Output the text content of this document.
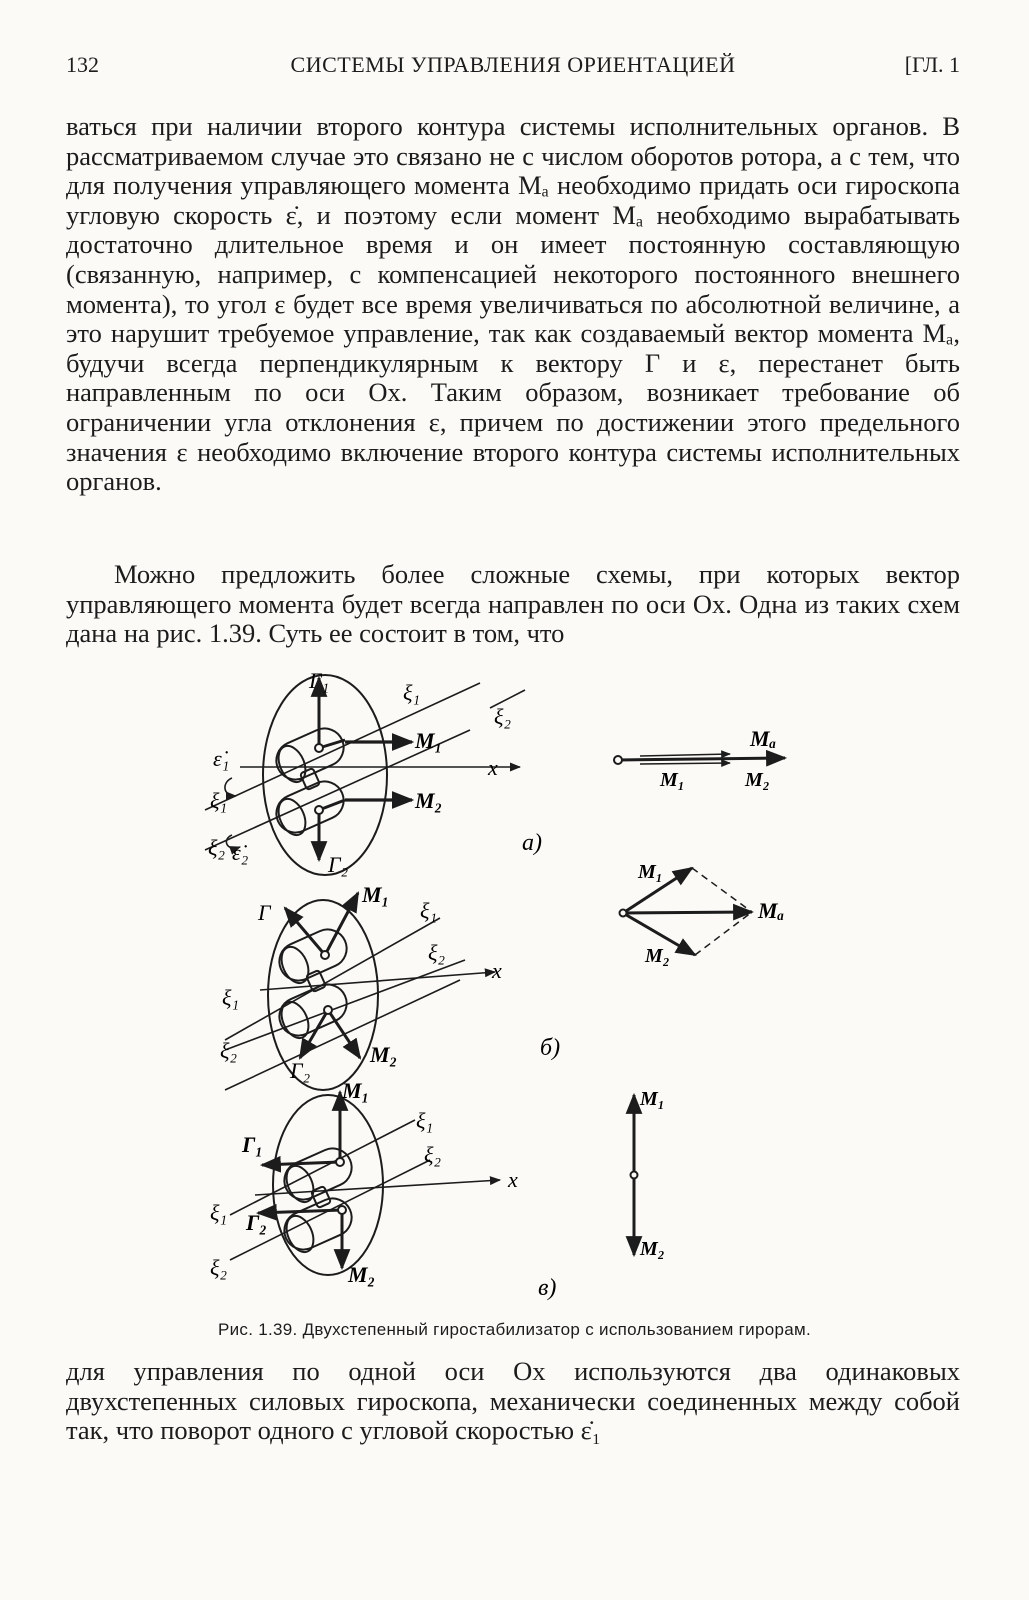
132	СИСТЕМЫ УПРАВЛЕНИЯ ОРИЕНТАЦИЕЙ	[ГЛ. 1

ваться при наличии второго контура системы исполнительных органов. В рассматриваемом случае это связано не с числом оборотов ротора, а с тем, что для получения управляющего момента Mₐ необходимо придать оси гироскопа угловую скорость ε̇, и поэтому если момент Mₐ необходимо вырабатывать достаточно длительное время и он имеет постоянную составляющую (связанную, например, с компенсацией некоторого постоянного внешнего момента), то угол ε будет все время увеличиваться по абсолютной величине, а это нарушит требуемое управление, так как создаваемый вектор момента Mₐ, будучи всегда перпендикулярным к вектору Γ и ε, перестанет быть направленным по оси Ox. Таким образом, возникает требование об ограничении угла отклонения ε, причем по достижении этого предельного значения ε необходимо включение второго контура системы исполнительных органов.

Можно предложить более сложные схемы, при которых вектор управляющего момента будет всегда направлен по оси Ox. Одна из таких схем дана на рис. 1.39. Суть ее состоит в том, что

Г₁	ξ₁
ξ₂
M₁
x
M₂
Г₂
ε̇₁
ξ₁
ξ₂ ε̇₂
Mₐ
M₁	M₂
а)
Г
M₁
ξ₁
ξ₂
x
ξ₁
ξ₂
Г₂
M₂
M₁
Mₐ
M₂
б)
M₁
ξ₁
Г₁	ξ₂
x
ξ₁ Г₂
ξ₂	M₂
M₁
M₂
в)
Рис. 1.39. Двухстепенный гиростабилизатор с использованием гирорам.

для управления по одной оси Ox используются два одинаковых двухстепенных силовых гироскопа, механически соединенных между собой так, что поворот одного с угловой скоростью ε̇₁
